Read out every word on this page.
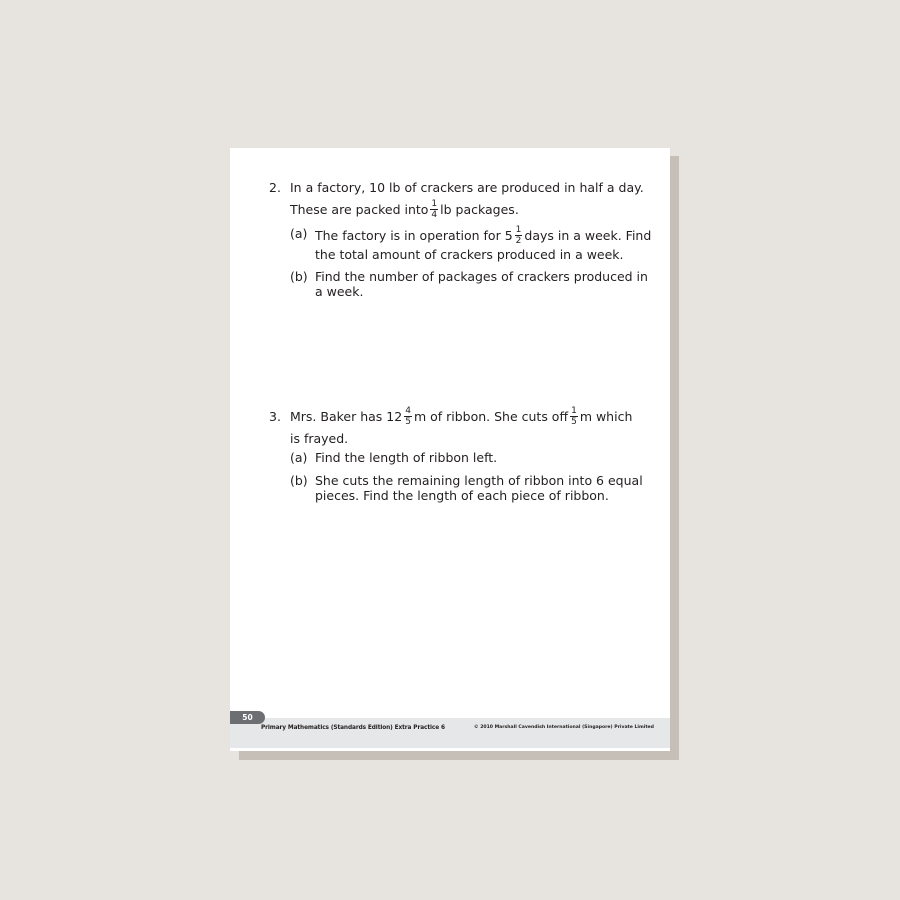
2. In a factory, 10 lb of crackers are produced in half a day.
These are packed into $\frac{1}{4}$ lb packages.
(a) The factory is in operation for $5 \frac{1}{2}$ days in a week. Find
the total amount of crackers produced in a week.
(b) Find the number of packages of crackers produced in
a week.
3. Mrs. Baker has $12 \frac{4}{5}$ m of ribbon. She cuts off $\frac{1}{5}$ m which
is frayed.
(a) Find the length of ribbon left.
(b) She cuts the remaining length of ribbon into 6 equal
pieces. Find the length of each piece of ribbon.
50
Primary Mathematics (Standards Edition) Extra Practice 6	© 2010 Marshall Cavendish International (Singapore) Private Limited
